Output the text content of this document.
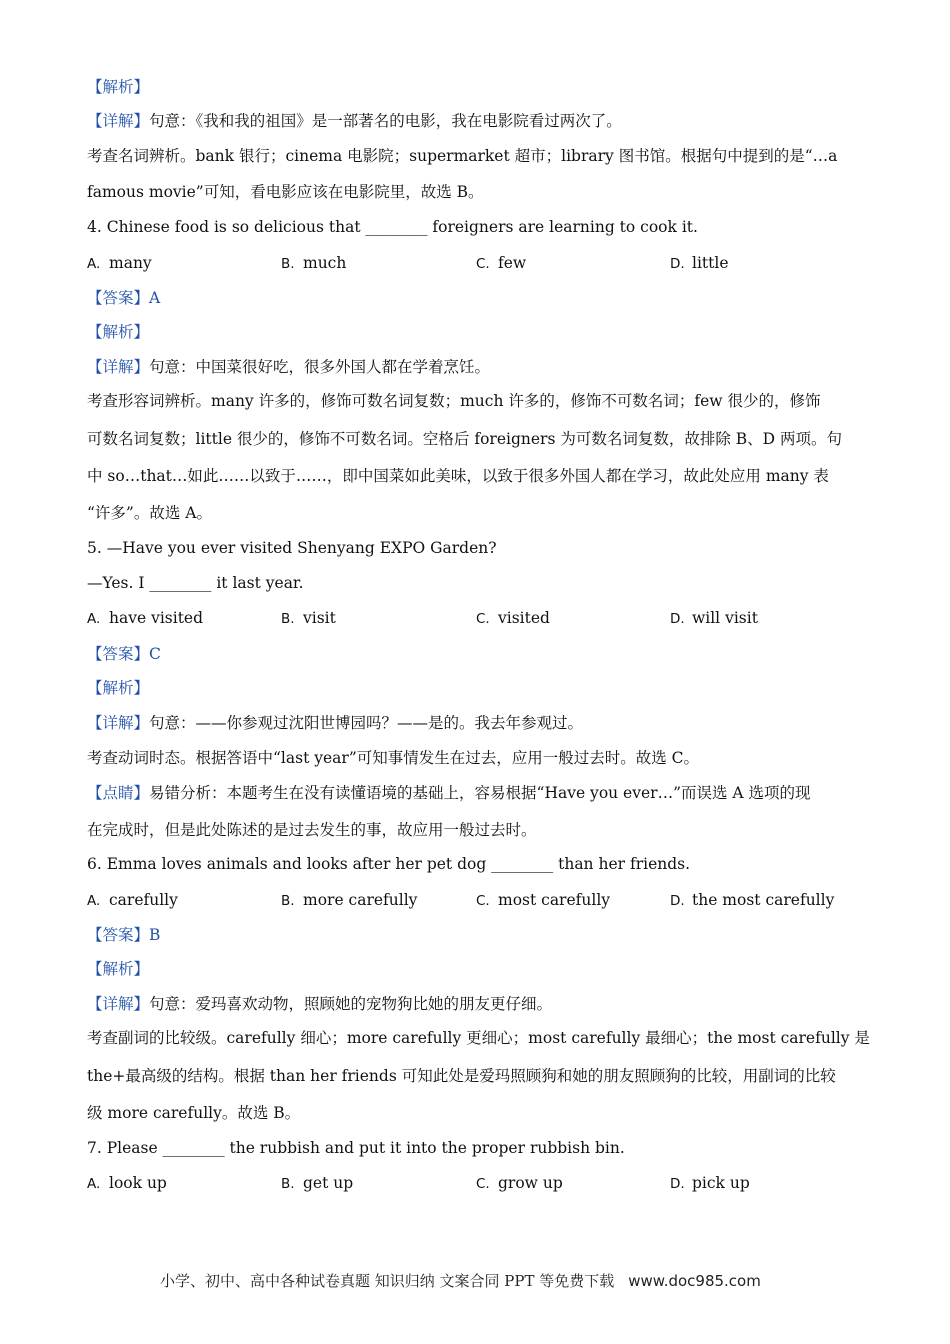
【解析】
【详解】句意：《我和我的祖国》是一部著名的电影，我在电影院看过两次了。
考查名词辨析。bank 银行；cinema 电影院；supermarket 超市；library 图书馆。根据句中提到的是“…a
famous movie”可知，看电影应该在电影院里，故选 B。
4. Chinese food is so delicious that ________ foreigners are learning to cook it.
A. many	B. much	C. few	D. little
【答案】A
【解析】
【详解】句意：中国菜很好吃，很多外国人都在学着烹饪。
考查形容词辨析。many 许多的，修饰可数名词复数；much 许多的，修饰不可数名词；few 很少的，修饰
可数名词复数；little 很少的，修饰不可数名词。空格后 foreigners 为可数名词复数，故排除 B、D 两项。句
中 so…that…如此……以致于……，即中国菜如此美味，以致于很多外国人都在学习，故此处应用 many 表
“许多”。故选 A。
5. —Have you ever visited Shenyang EXPO Garden?
—Yes. I ________ it last year.
A. have visited	B. visit	C. visited	D. will visit
【答案】C
【解析】
【详解】句意：——你参观过沈阳世博园吗？——是的。我去年参观过。
考查动词时态。根据答语中“last year”可知事情发生在过去，应用一般过去时。故选 C。
【点睛】易错分析：本题考生在没有读懂语境的基础上，容易根据“Have you ever…”而误选 A 选项的现
在完成时，但是此处陈述的是过去发生的事，故应用一般过去时。
6. Emma loves animals and looks after her pet dog ________ than her friends.
A. carefully	B. more carefully	C. most carefully	D. the most carefully
【答案】B
【解析】
【详解】句意：爱玛喜欢动物，照顾她的宠物狗比她的朋友更仔细。
考查副词的比较级。carefully 细心；more carefully 更细心；most carefully 最细心；the most carefully 是
the+最高级的结构。根据 than her friends 可知此处是爱玛照顾狗和她的朋友照顾狗的比较，用副词的比较
级 more carefully。故选 B。
7. Please ________ the rubbish and put it into the proper rubbish bin.
A. look up	B. get up	C. grow up	D. pick up
小学、初中、高中各种试卷真题 知识归纳 文案合同 PPT 等免费下载 www.doc985.com
